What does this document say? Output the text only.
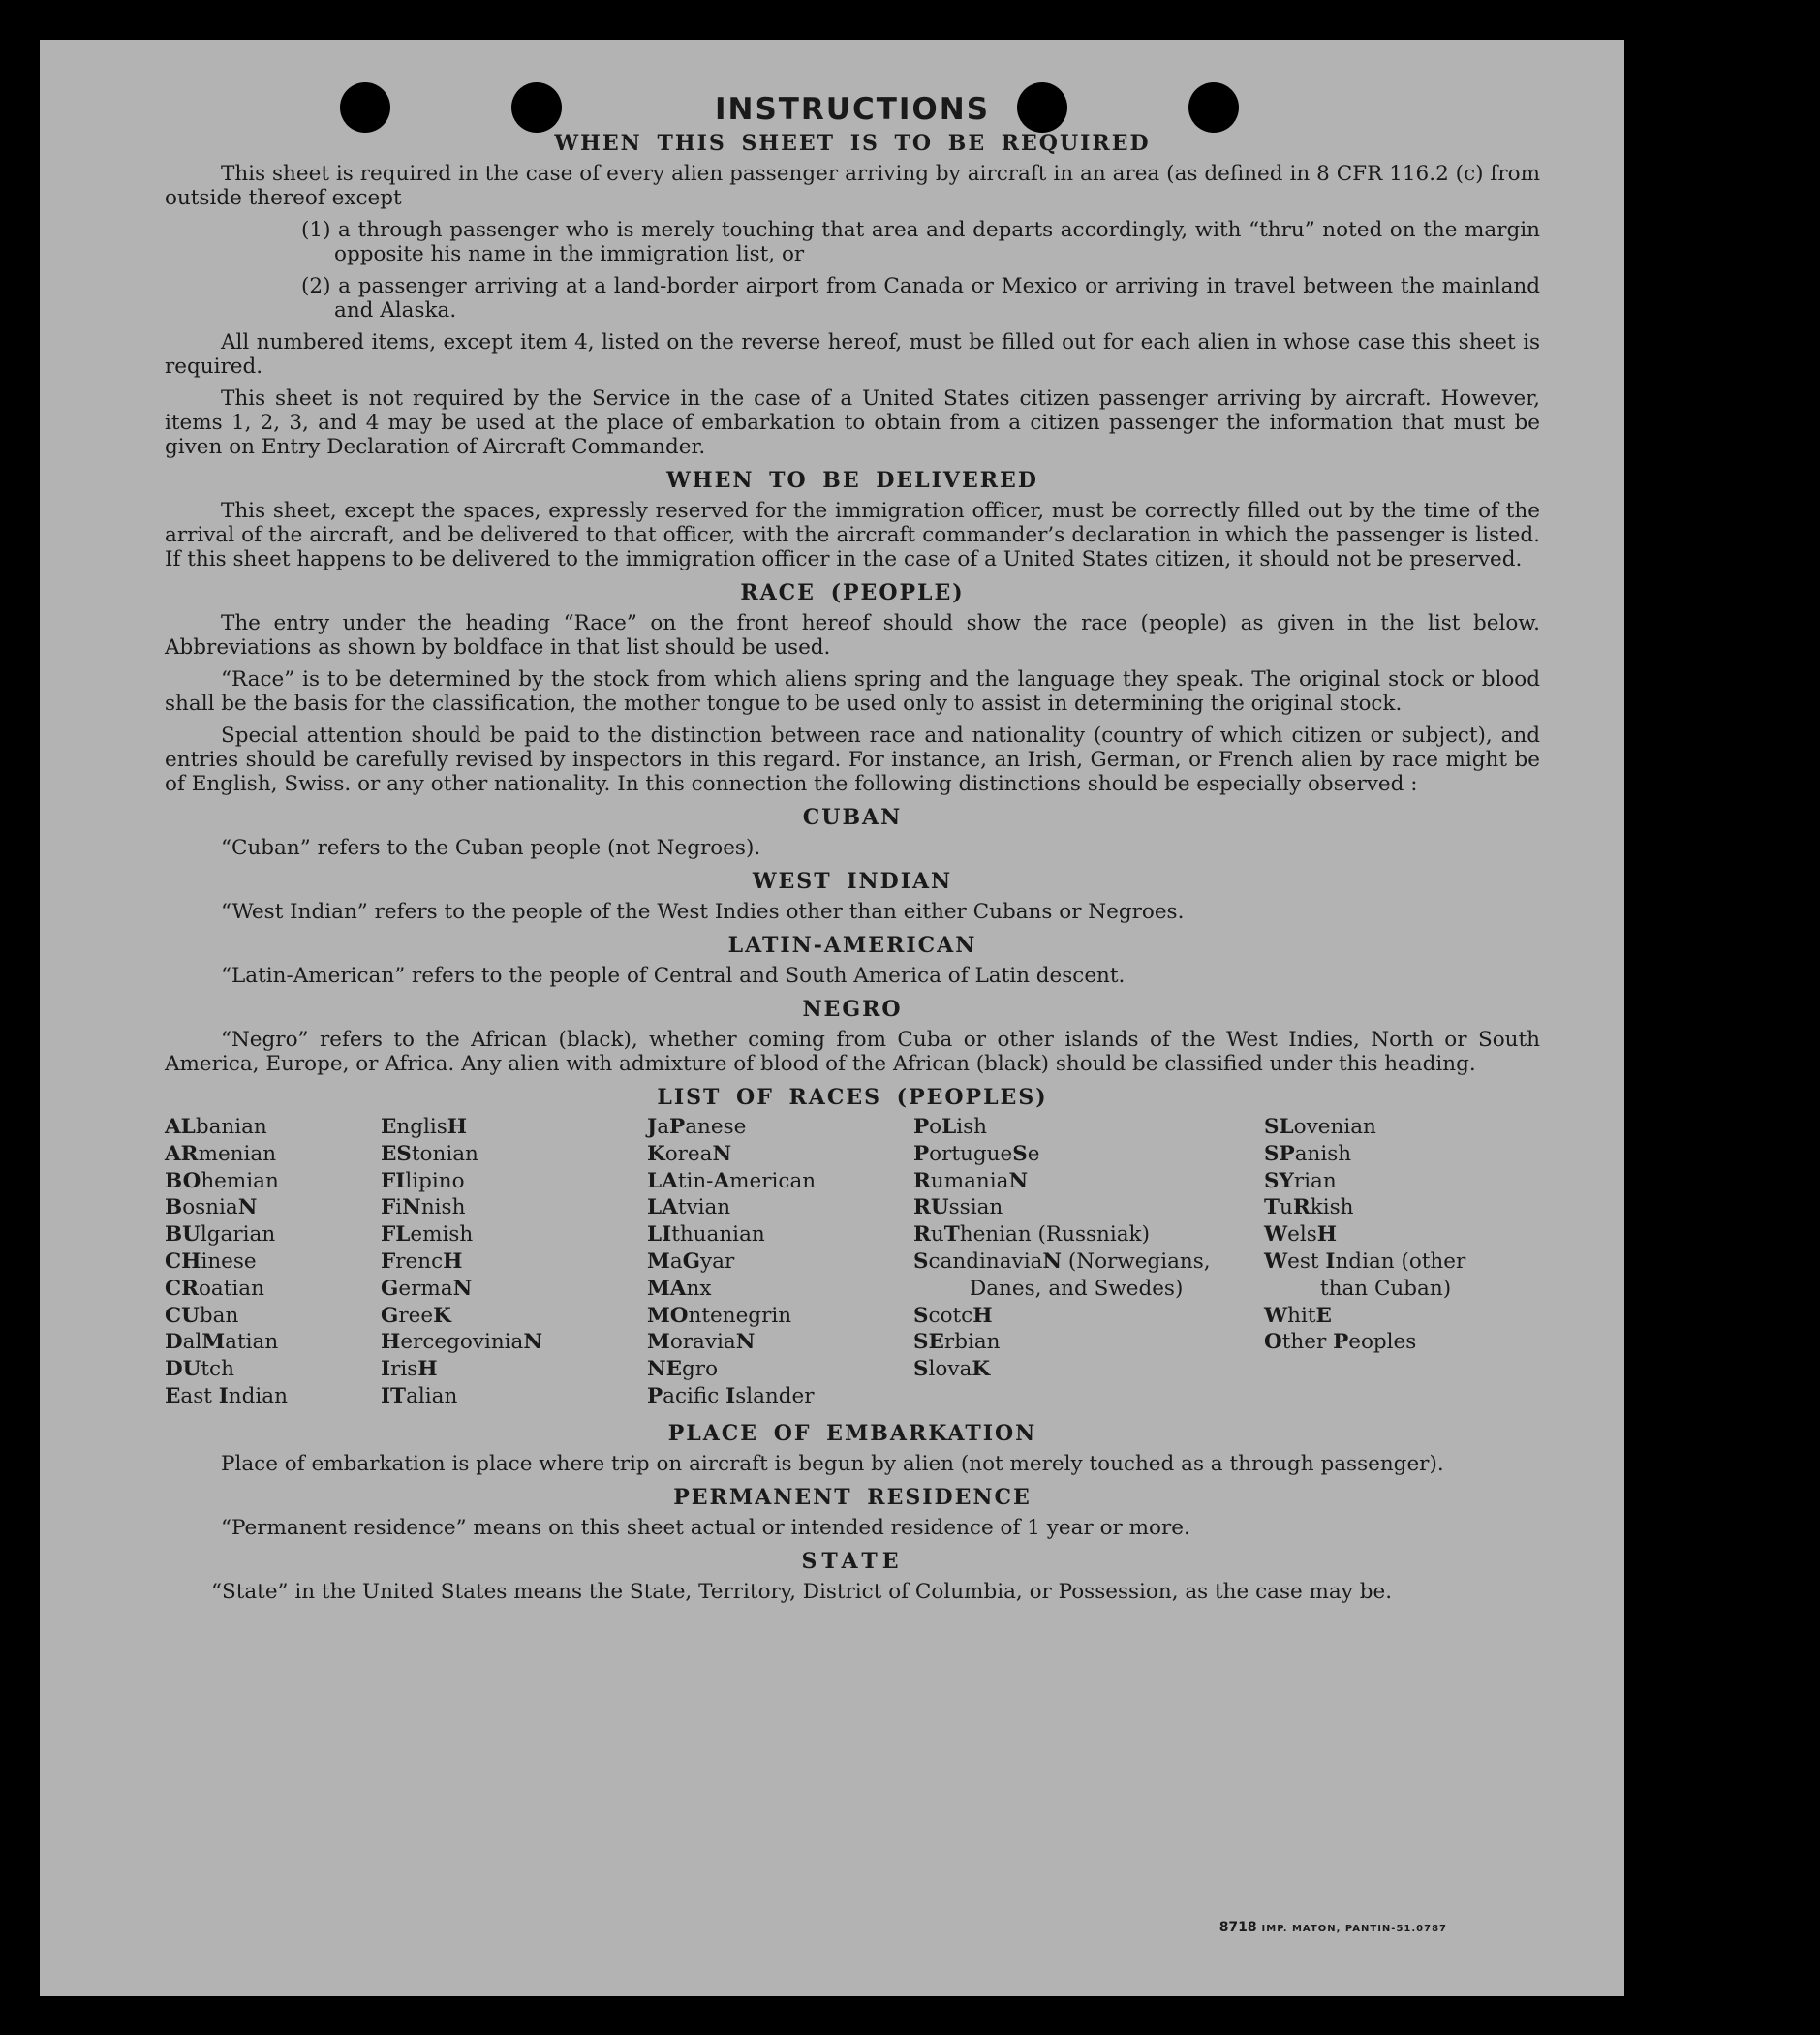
INSTRUCTIONS
WHEN THIS SHEET IS TO BE REQUIRED

This sheet is required in the case of every alien passenger arriving by aircraft in an area (as defined in 8 CFR 116.2 (c) from outside thereof except

(1) a through passenger who is merely touching that area and departs accordingly, with “thru” noted on the margin opposite his name in the immigration list, or

(2) a passenger arriving at a land-border airport from Canada or Mexico or arriving in travel between the mainland and Alaska.

All numbered items, except item 4, listed on the reverse hereof, must be filled out for each alien in whose case this sheet is required.

This sheet is not required by the Service in the case of a United States citizen passenger arriving by aircraft. However, items 1, 2, 3, and 4 may be used at the place of embarkation to obtain from a citizen passenger the information that must be given on Entry Declaration of Aircraft Commander.

WHEN TO BE DELIVERED

This sheet, except the spaces, expressly reserved for the immigration officer, must be correctly filled out by the time of the arrival of the aircraft, and be delivered to that officer, with the aircraft commander’s declaration in which the passenger is listed. If this sheet happens to be delivered to the immigration officer in the case of a United States citizen, it should not be preserved.

RACE (PEOPLE)

The entry under the heading “Race” on the front hereof should show the race (people) as given in the list below. Abbreviations as shown by boldface in that list should be used.

“Race” is to be determined by the stock from which aliens spring and the language they speak. The original stock or blood shall be the basis for the classification, the mother tongue to be used only to assist in determining the original stock.

Special attention should be paid to the distinction between race and nationality (country of which citizen or subject), and entries should be carefully revised by inspectors in this regard. For instance, an Irish, German, or French alien by race might be of English, Swiss. or any other nationality. In this connection the following distinctions should be especially observed :

CUBAN

“Cuban” refers to the Cuban people (not Negroes).

WEST INDIAN

“West Indian” refers to the people of the West Indies other than either Cubans or Negroes.

LATIN-AMERICAN

“Latin-American” refers to the people of Central and South America of Latin descent.

NEGRO

“Negro” refers to the African (black), whether coming from Cuba or other islands of the West Indies, North or South America, Europe, or Africa. Any alien with admixture of blood of the African (black) should be classified under this heading.

LIST OF RACES (PEOPLES)
ALbanian
ARmenian
BOhemian
BosniaN
BUlgarian
CHinese
CRoatian
CUban
DalMatian
DUtch
East Indian
EnglisH
EStonian
FIlipino
FiNnish
FLemish
FrencH
GermaN
GreeK
HercegoviniaN
IrisH
ITalian
JaPanese
KoreaN
LAtin-American
LAtvian
LIthuanian
MaGyar
MAnx
MOntenegrin
MoraviaN
NEgro
Pacific Islander
PoLish
PortugueSe
RumaniaN
RUssian
RuThenian (Russniak)
ScandinaviaN (Norwegians, Danes, and Swedes)
ScotcH
SErbian
SlovaK
SLovenian
SPanish
SYrian
TuRkish
WelsH
West Indian (other than Cuban)
WhitE
Other Peoples
PLACE OF EMBARKATION

Place of embarkation is place where trip on aircraft is begun by alien (not merely touched as a through passenger).

PERMANENT RESIDENCE

“Permanent residence” means on this sheet actual or intended residence of 1 year or more.

STATE

“State” in the United States means the State, Territory, District of Columbia, or Possession, as the case may be.

8718 IMP. MATON, PANTIN-51.0787
